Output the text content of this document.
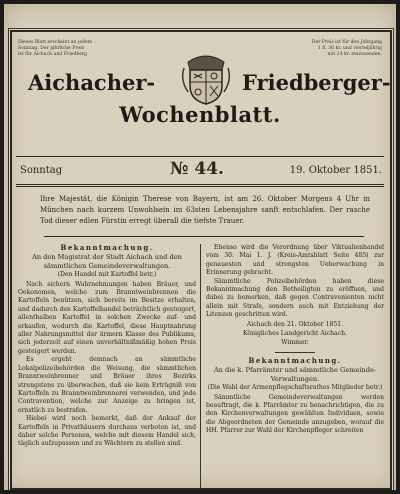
Dieses Blatt erscheint an jedem
Sonntag. Der jährliche Preis
ist für Aichach und Friedberg
Der Preis ist für den Jahrgang
1 fl. 30 kr. und vierteljährig
mit 24 kr. einzusenden.
Aichacher-	Friedberger-
Wochenblatt.
Sonntag	№ 44.	19. Oktober 1851.
Ihre Majestät, die Königin Therese von Bayern, ist am 26. Oktober Morgens 4 Uhr in München nach kurzem Unwohlsein im 63sten Lebensjahre sanft entschlafen. Der rasche Tod dieser edlen Fürstin erregt überall die tiefste Trauer.
Bekanntmachung.
An den Magistrat der Stadt Aichach und den sämmtlichen Gemeindeverwaltungen.
(Den Handel mit Kartoffel betr.)

Nach sichern Wahrnehmungen haben Bräuer, und Oekonomen, welche zum Branntweinbrennen die Kartoffeln benützen, sich bereits im Besitze erhalten, und dadurch den Kartoffelhandel beträchtlich gesteigert, allenthalben Kartoffel in solchen Zwecke auf- und erkaufen, wodurch die Kartoffel, diese Hauptnahrung aller Nahrungsmittel der ärmern Klasse des Publikums, sich jederzeit auf einen unverhältnißmäßig hohen Preis gesteigert werden.

Es ergeht demnach an sämmtliche Lokalpolizeibehörden die Weisung, die sämmtlichen Branntweinbrenner und Bräuer ihres Bezirks strengstens zu überwachen, daß sie kein Erträgniß von Kartoffeln zu Branntweinbrennerei verwenden, und jede Contravention, welche zur Anzeige zu bringen ist, ernstlich zu bestrafen.

Hiebei wird noch bemerkt, daß der Ankauf der Kartoffeln in Privathäusern durchaus verboten ist, und daher solche Personen, welche mit diesem Handel sich, täglich aufzupassen und zu Wächtern zu stellen sind.

Ebenso wird die Verordnung über Viktualienhandel vom 30. Mai 1. J. (Kreis-Amtsblatt Seite 485) zur genauesten und strengsten Ueberwachung in Erinnerung gebracht.

Sämmtliche Polizeibehörden haben diese Bekanntmachung den Betheiligten zu eröffnen, und dabei zu bemerken, daß gegen Contravenienten nicht allein mit Strafe, sondern auch mit Entziehung der Litenzen geschritten wird.

Aichach den 21. Oktober 1851.
Königliches Landgericht Aichach.
Wimmer.
Bekanntmachung.
An die k. Pfarrämter und sämmtliche Gemeinde-Verwaltungen.
(Die Wahl der Armenpflegschaftsrathes Mitglieder betr.)

Sämmtliche Gemeindeverwaltungen werden beauftragt, die k. Pfarrämter zu benachrichtigen, die zu den Kirchenverwaltungen gewählten Individuen, sowie die Abgeordneten der Gemeinde anzugeben, worauf die HH. Pfarrer zur Wahl der Kirchenpfleger schreiten
